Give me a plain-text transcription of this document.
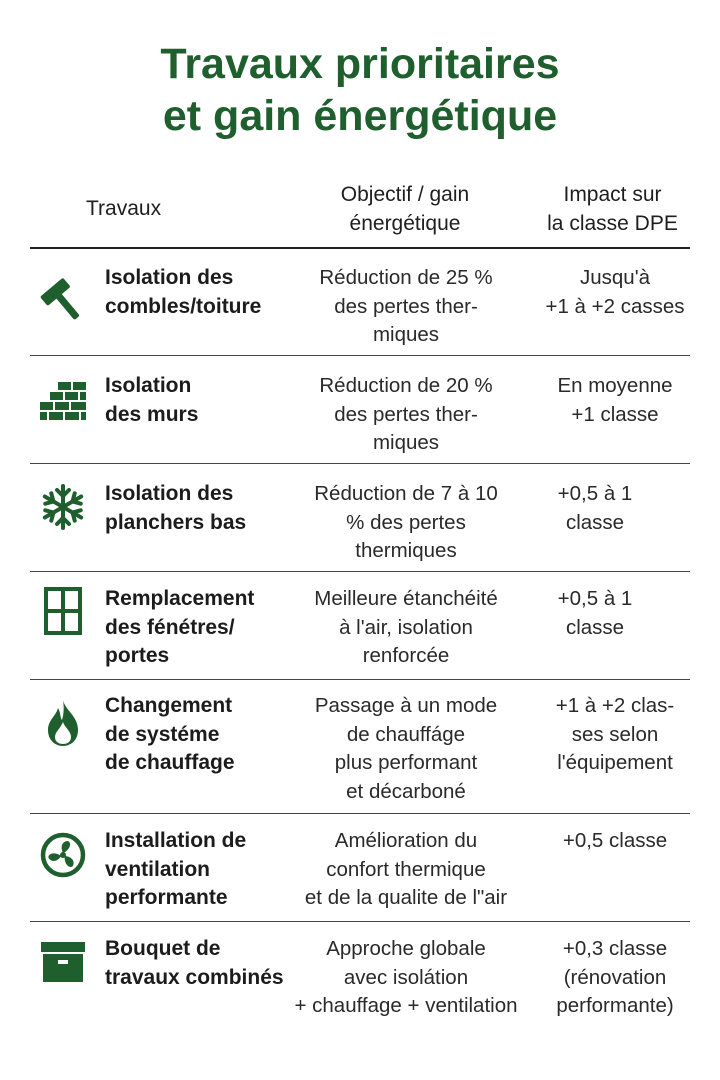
Travaux prioritaires
et gain énergétique
Travaux
Objectif / gain
énergétique
Impact sur
la classe DPE
Isolation des
combles/toiture
Réduction de 25 %
des pertes ther-
miques
Jusqu'à
+1 à +2 casses
Isolation
des murs
Réduction de 20 %
des pertes ther-
miques
En moyenne
+1 classe
Isolation des
planchers bas
Réduction de 7 à 10
% des pertes
thermiques
+0,5 à 1
classe
Remplacement
des fénétres/
portes
Meilleure étanchéité
à l'air, isolation
renforcée
+0,5 à 1
classe
Changement
de systéme
de chauffage
Passage à un mode
de chauffáge
plus performant
et décarboné
+1 à +2 clas-
ses selon
l'équipement
Installation de
ventilation
performante
Amélioration du
confort thermique
et de la qualite de l"air
+0,5 classe
Bouquet de
travaux combinés
Approche globale
avec isolátion
+ chauffage + ventilation
+0,3 classe
(rénovation
performante)
